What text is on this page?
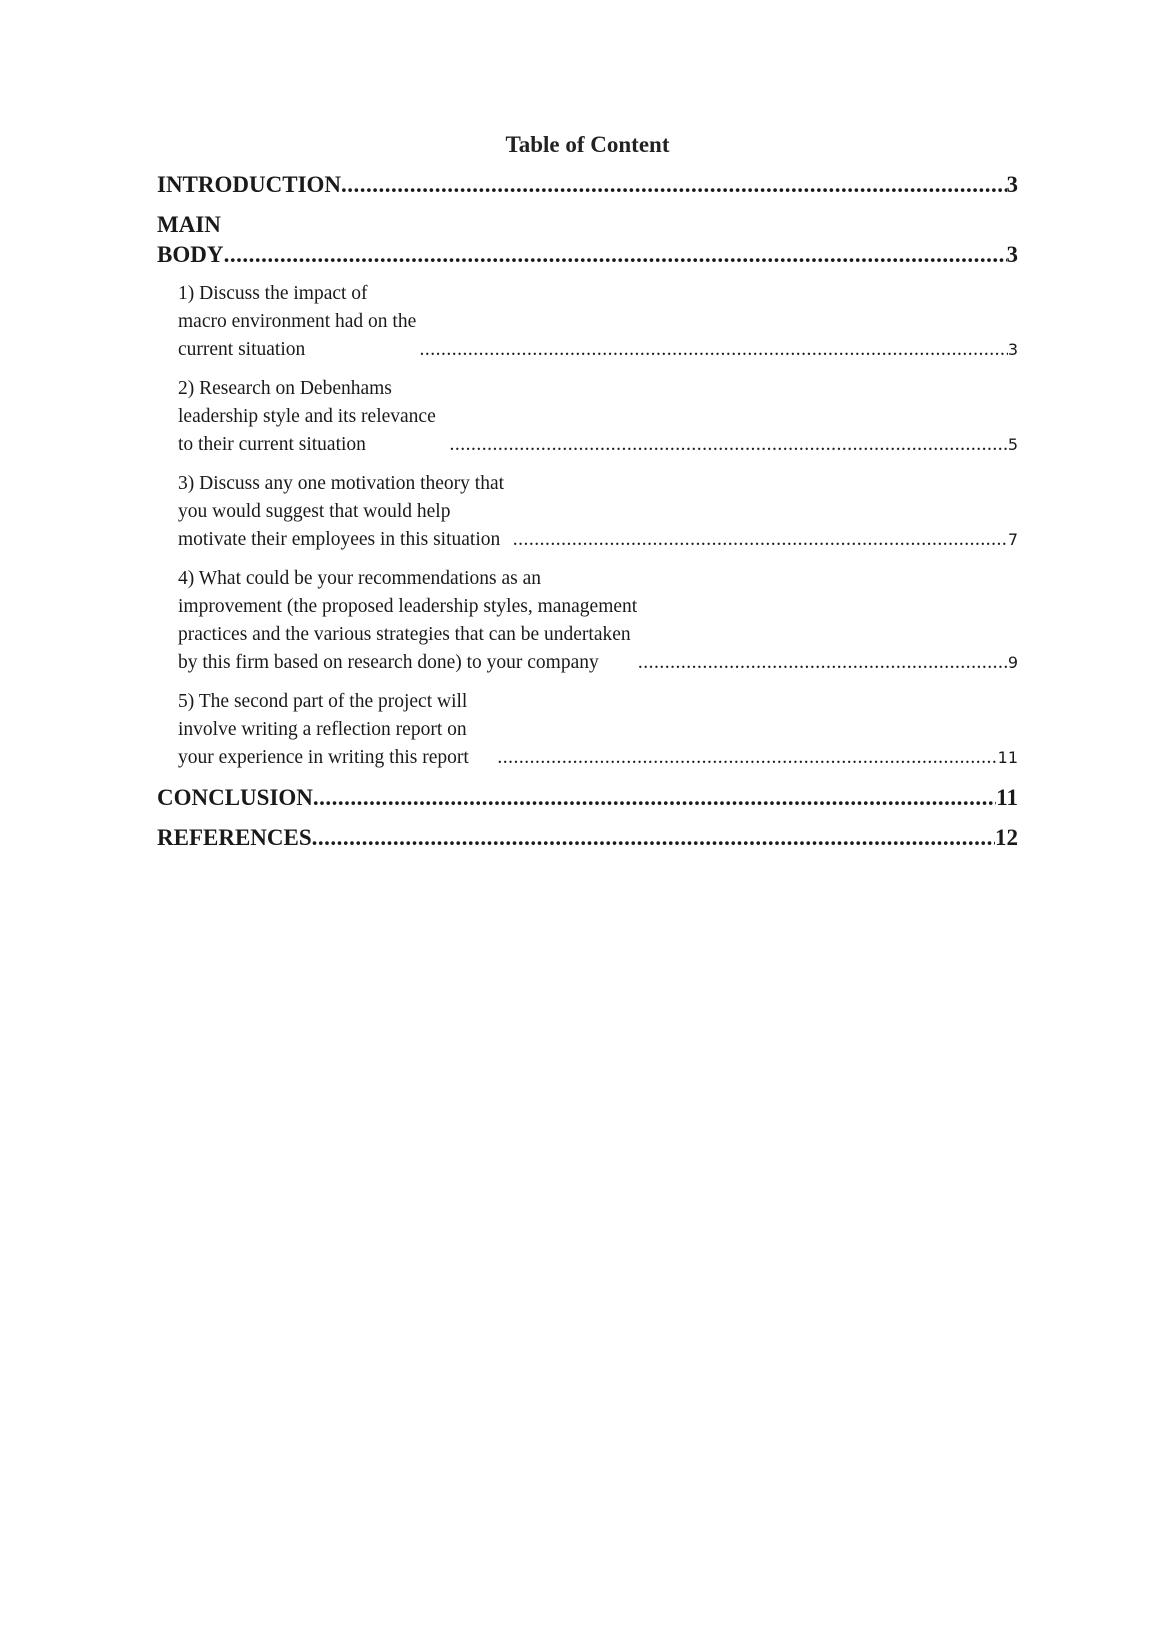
Table of Content
INTRODUCTION .....	3
MAIN BODY .....	3
1) Discuss the impact of macro environment had on the current situation .....	3
2) Research on Debenhams leadership style and its relevance to their current situation .....	5
3) Discuss any one motivation theory that you would suggest that would help motivate their employees in this situation .....	7
4) What could be your recommendations as an improvement (the proposed leadership styles, management practices and the various strategies that can be undertaken by this firm based on research done) to your company .....	9
5) The second part of the project will involve writing a reflection report on your experience in writing this report .....	11
CONCLUSION .....	11
REFERENCES .....	12
